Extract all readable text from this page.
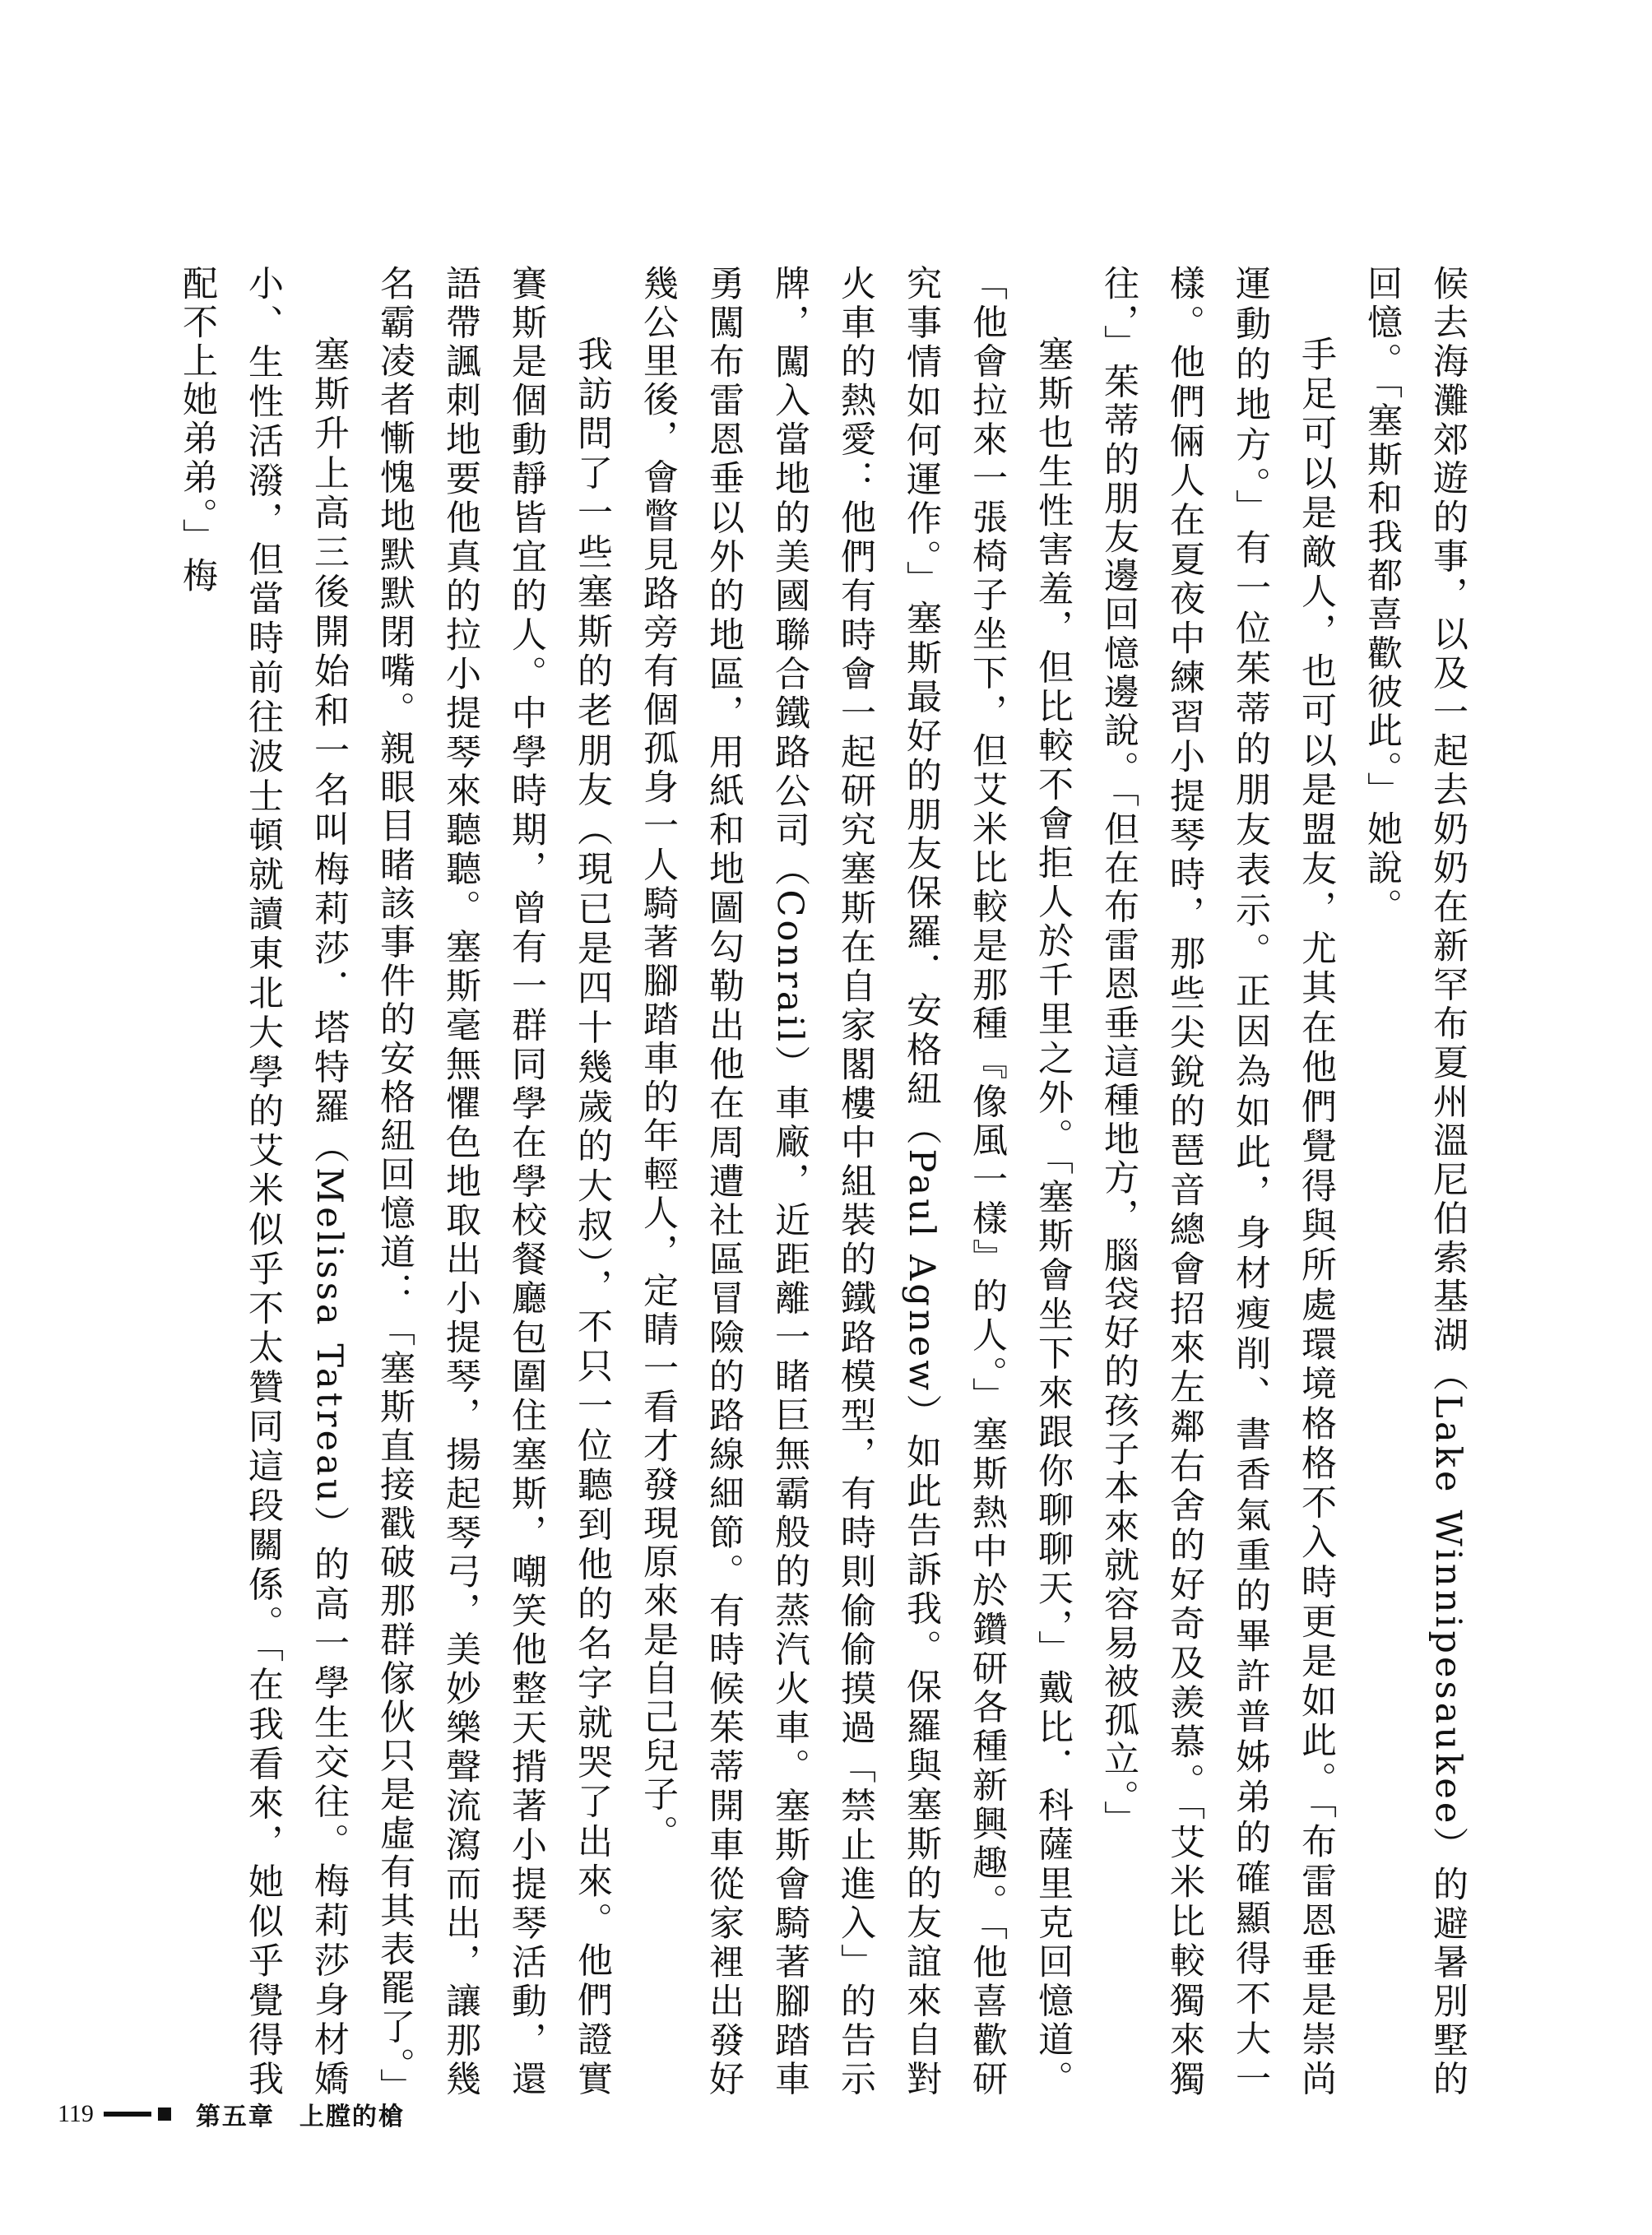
候去海灘郊遊的事，以及一起去奶奶在新罕布夏州溫尼伯索基湖（Lake Winnipesaukee）的避暑別墅的回憶。「塞斯和我都喜歡彼此。」她說。

手足可以是敵人，也可以是盟友，尤其在他們覺得與所處環境格格不入時更是如此。「布雷恩垂是崇尚運動的地方。」有一位茱蒂的朋友表示。正因為如此，身材瘦削、書香氣重的畢許普姊弟的確顯得不大一樣。他們倆人在夏夜中練習小提琴時，那些尖銳的琶音總會招來左鄰右舍的好奇及羨慕。「艾米比較獨來獨往，」茱蒂的朋友邊回憶邊說。「但在布雷恩垂這種地方，腦袋好的孩子本來就容易被孤立。」

塞斯也生性害羞，但比較不會拒人於千里之外。「塞斯會坐下來跟你聊聊天，」戴比．科薩里克回憶道。「他會拉來一張椅子坐下，但艾米比較是那種『像風一樣』的人。」塞斯熱中於鑽研各種新興趣。「他喜歡研究事情如何運作。」塞斯最好的朋友保羅．安格紐（Paul Agnew）如此告訴我。保羅與塞斯的友誼來自對火車的熱愛：他們有時會一起研究塞斯在自家閣樓中組裝的鐵路模型，有時則偷偷摸過「禁止進入」的告示牌，闖入當地的美國聯合鐵路公司（Conrail）車廠，近距離一睹巨無霸般的蒸汽火車。塞斯會騎著腳踏車勇闖布雷恩垂以外的地區，用紙和地圖勾勒出他在周遭社區冒險的路線細節。有時候茱蒂開車從家裡出發好幾公里後，會瞥見路旁有個孤身一人騎著腳踏車的年輕人，定睛一看才發現原來是自己兒子。

我訪問了一些塞斯的老朋友（現已是四十幾歲的大叔），不只一位聽到他的名字就哭了出來。他們證實賽斯是個動靜皆宜的人。中學時期，曾有一群同學在學校餐廳包圍住塞斯，嘲笑他整天揹著小提琴活動，還語帶諷刺地要他真的拉小提琴來聽聽。塞斯毫無懼色地取出小提琴，揚起琴弓，美妙樂聲流瀉而出，讓那幾名霸凌者慚愧地默默閉嘴。親眼目睹該事件的安格紐回憶道：「塞斯直接戳破那群傢伙只是虛有其表罷了。」

塞斯升上高三後開始和一名叫梅莉莎．塔特羅（Melissa Tatreau）的高一學生交往。梅莉莎身材嬌小、生性活潑，但當時前往波士頓就讀東北大學的艾米似乎不太贊同這段關係。「在我看來，她似乎覺得我配不上她弟弟。」梅

119	第五章 上膛的槍
